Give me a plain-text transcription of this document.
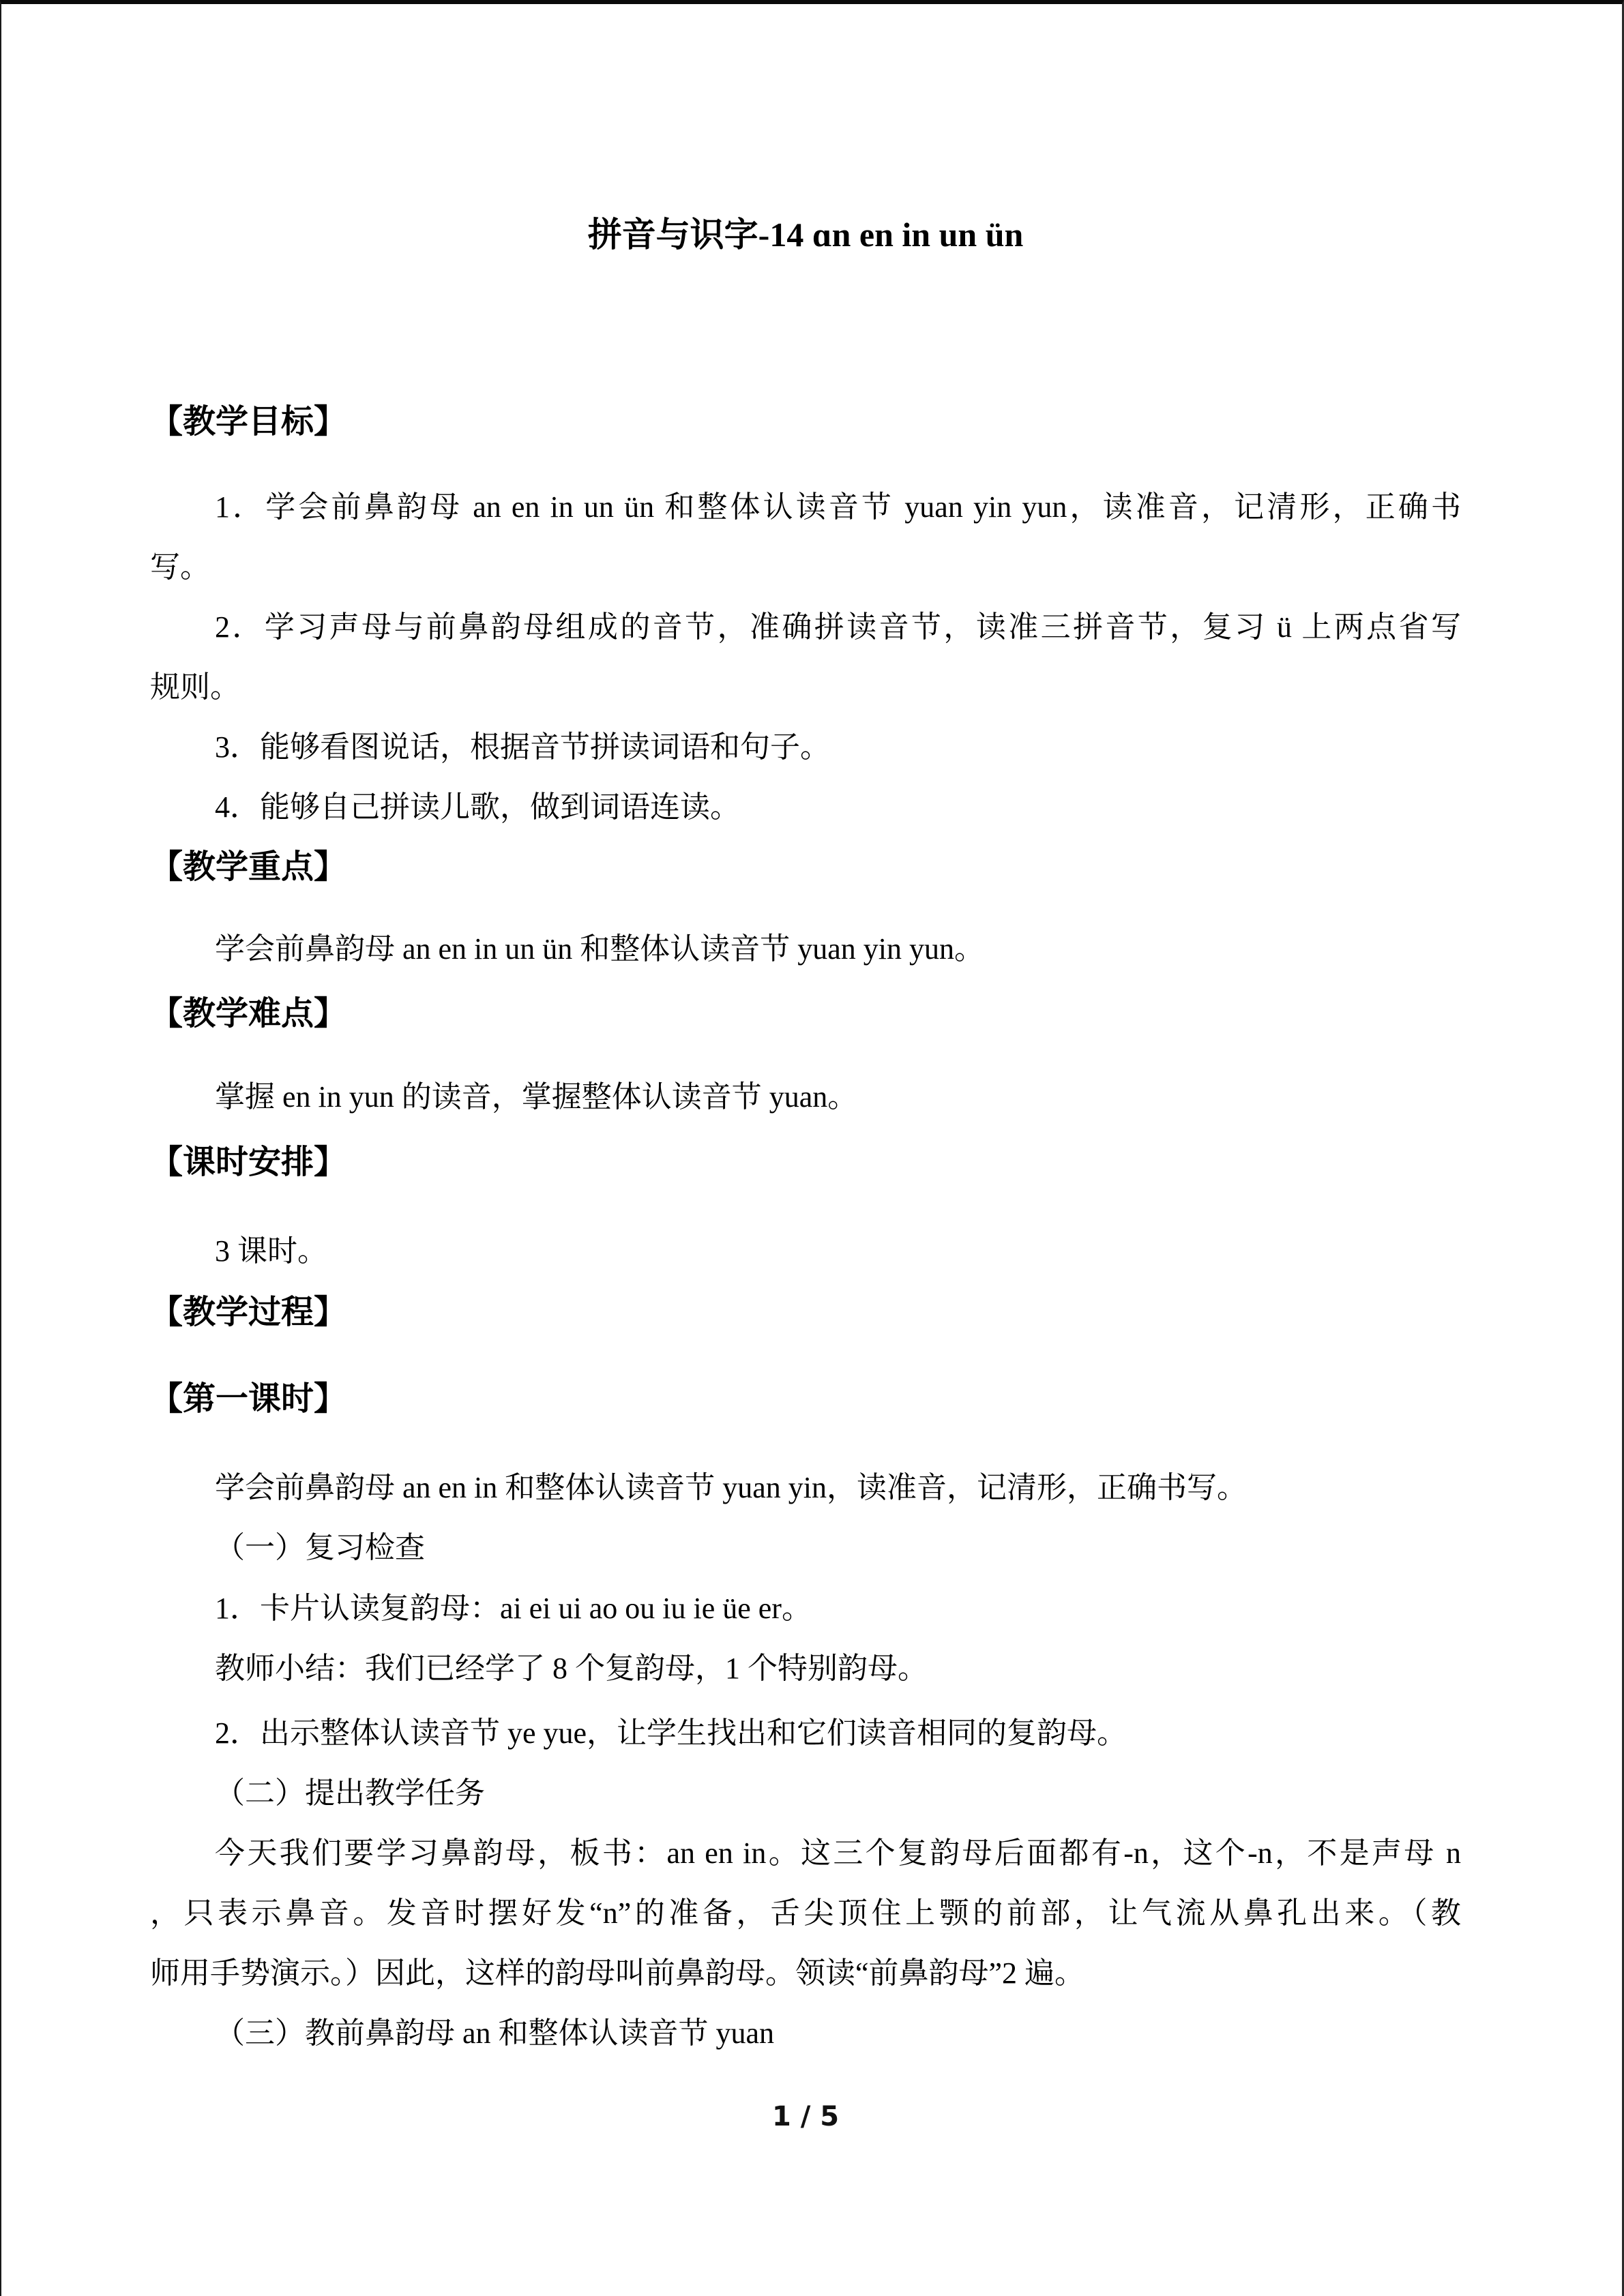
拼音与识字-14 ɑn en in un ün
【教学目标】
1．学会前鼻韵母 an en in un ün 和整体认读音节 yuan yin yun，读准音，记清形，正确书
写。
2．学习声母与前鼻韵母组成的音节，准确拼读音节，读准三拼音节，复习 ü 上两点省写
规则。
3．能够看图说话，根据音节拼读词语和句子。
4．能够自己拼读儿歌，做到词语连读。
【教学重点】
学会前鼻韵母 an en in un ün 和整体认读音节 yuan yin yun。
【教学难点】
掌握 en in yun 的读音，掌握整体认读音节 yuan。
【课时安排】
3 课时。
【教学过程】
【第一课时】
学会前鼻韵母 an en in 和整体认读音节 yuan yin，读准音，记清形，正确书写。
（一）复习检查
1．卡片认读复韵母：ai ei ui ao ou iu ie üe er。
教师小结：我们已经学了 8 个复韵母，1 个特别韵母。
2．出示整体认读音节 ye yue，让学生找出和它们读音相同的复韵母。
（二）提出教学任务
今天我们要学习鼻韵母，板书：an en in。这三个复韵母后面都有-n，这个-n，不是声母 n
，只表示鼻音。发音时摆好发“n”的准备，舌尖顶住上颚的前部，让气流从鼻孔出来。（教
师用手势演示。）因此，这样的韵母叫前鼻韵母。领读“前鼻韵母”2 遍。
（三）教前鼻韵母 an 和整体认读音节 yuan
1 / 5
